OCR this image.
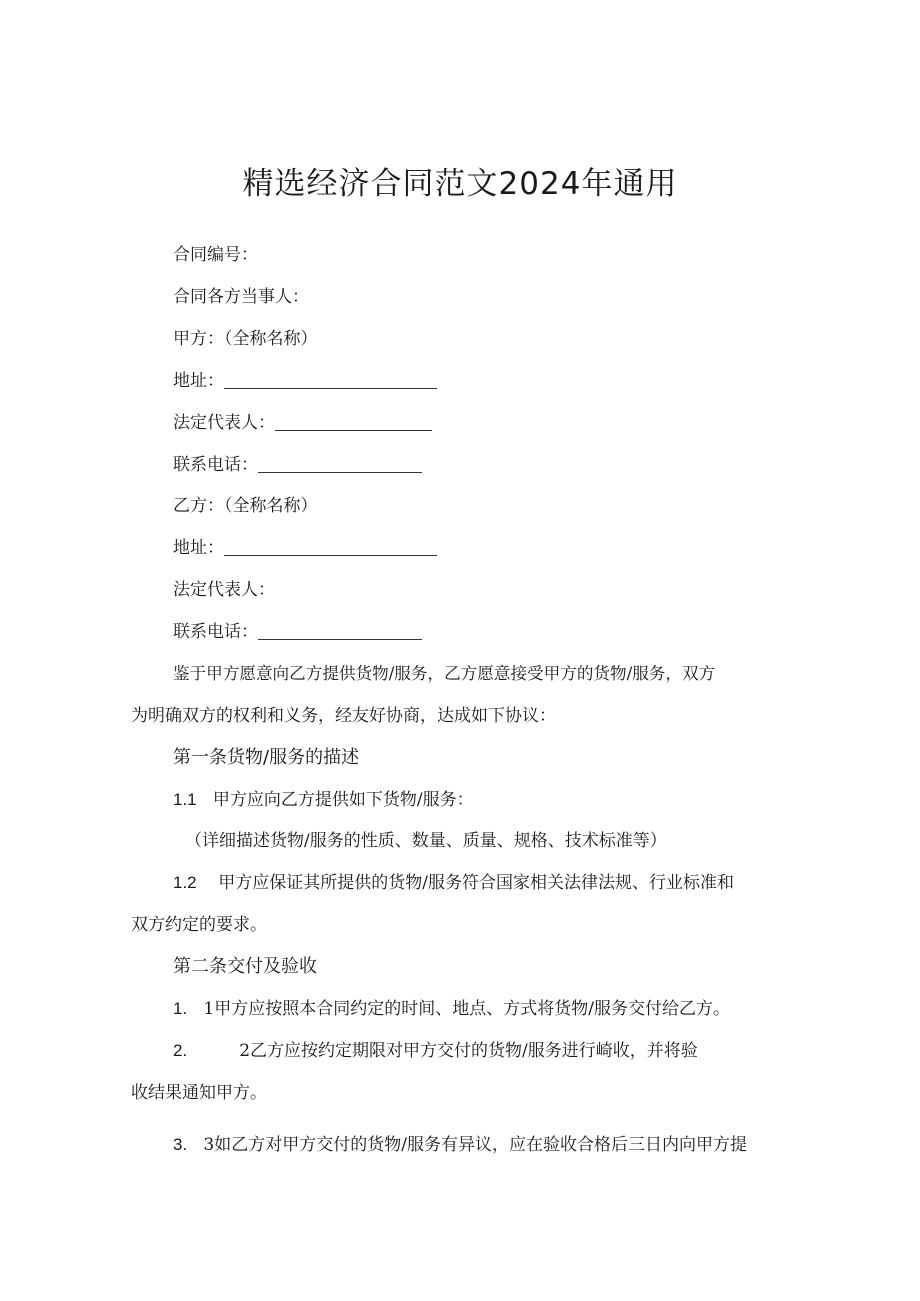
精选经济合同范文2024年通用
合同编号：
合同各方当事人：
甲方：（全称名称）
地址：
法定代表人：
联系电话：
乙方：（全称名称）
地址：
法定代表人：
联系电话：
鉴于甲方愿意向乙方提供货物/服务，乙方愿意接受甲方的货物/服务，双方
为明确双方的权利和义务，经友好协商，达成如下协议：
第一条货物/服务的描述
1.1 甲方应向乙方提供如下货物/服务：
（详细描述货物/服务的性质、数量、质量、规格、技术标准等）
1.2 甲方应保证其所提供的货物/服务符合国家相关法律法规、行业标准和
双方约定的要求。
第二条交付及验收
1. 1甲方应按照本合同约定的时间、地点、方式将货物/服务交付给乙方。
2.	2乙方应按约定期限对甲方交付的货物/服务进行崎收，并将验
收结果通知甲方。
3. 3如乙方对甲方交付的货物/服务有异议，应在验收合格后三日内向甲方提
